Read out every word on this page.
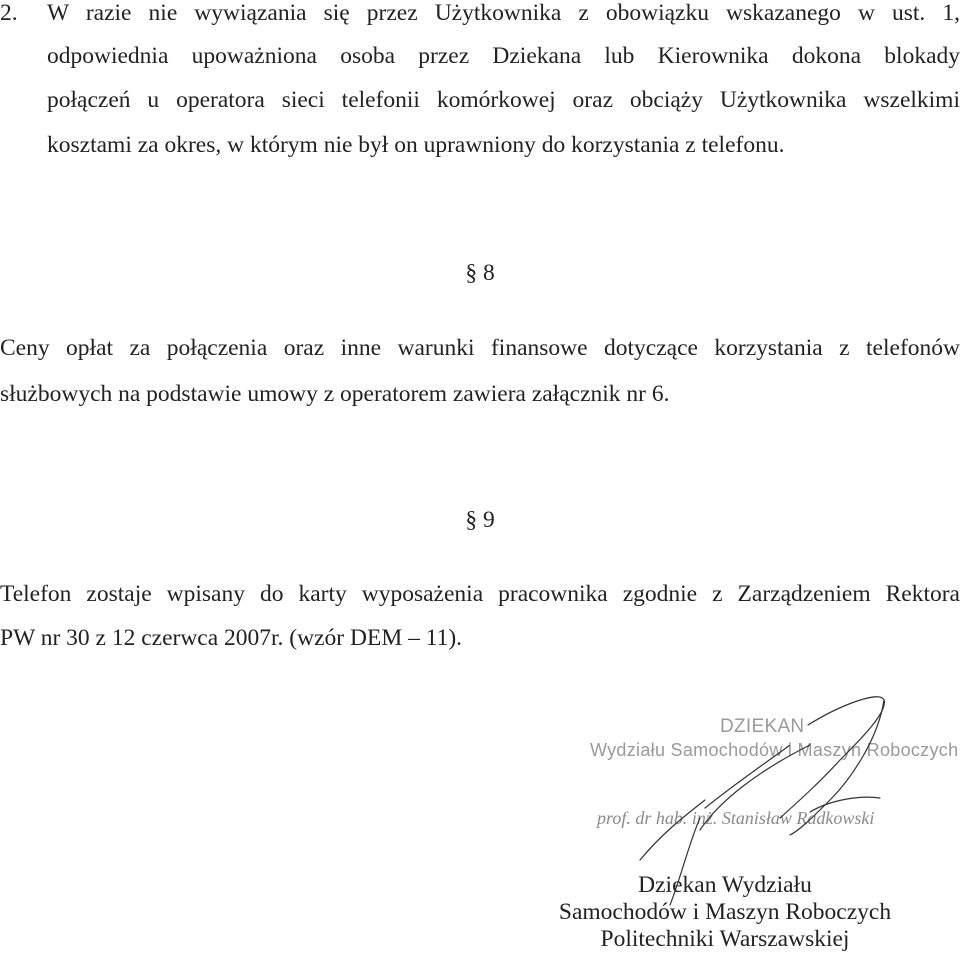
2. W razie nie wywiązania się przez Użytkownika z obowiązku wskazanego w ust. 1,
odpowiednia upoważniona osoba przez Dziekana lub Kierownika dokona blokady
połączeń u operatora sieci telefonii komórkowej oraz obciąży Użytkownika wszelkimi
kosztami za okres, w którym nie był on uprawniony do korzystania z telefonu.
§ 8
Ceny opłat za połączenia oraz inne warunki finansowe dotyczące korzystania z telefonów
służbowych na podstawie umowy z operatorem zawiera załącznik nr 6.
§ 9
Telefon zostaje wpisany do karty wyposażenia pracownika zgodnie z Zarządzeniem Rektora
PW nr 30 z 12 czerwca 2007r. (wzór DEM – 11).
DZIEKAN
Wydziału Samochodów i Maszyn Roboczych
prof. dr hab. inż. Stanisław Radkowski
Dziekan Wydziału
Samochodów i Maszyn Roboczych
Politechniki Warszawskiej
